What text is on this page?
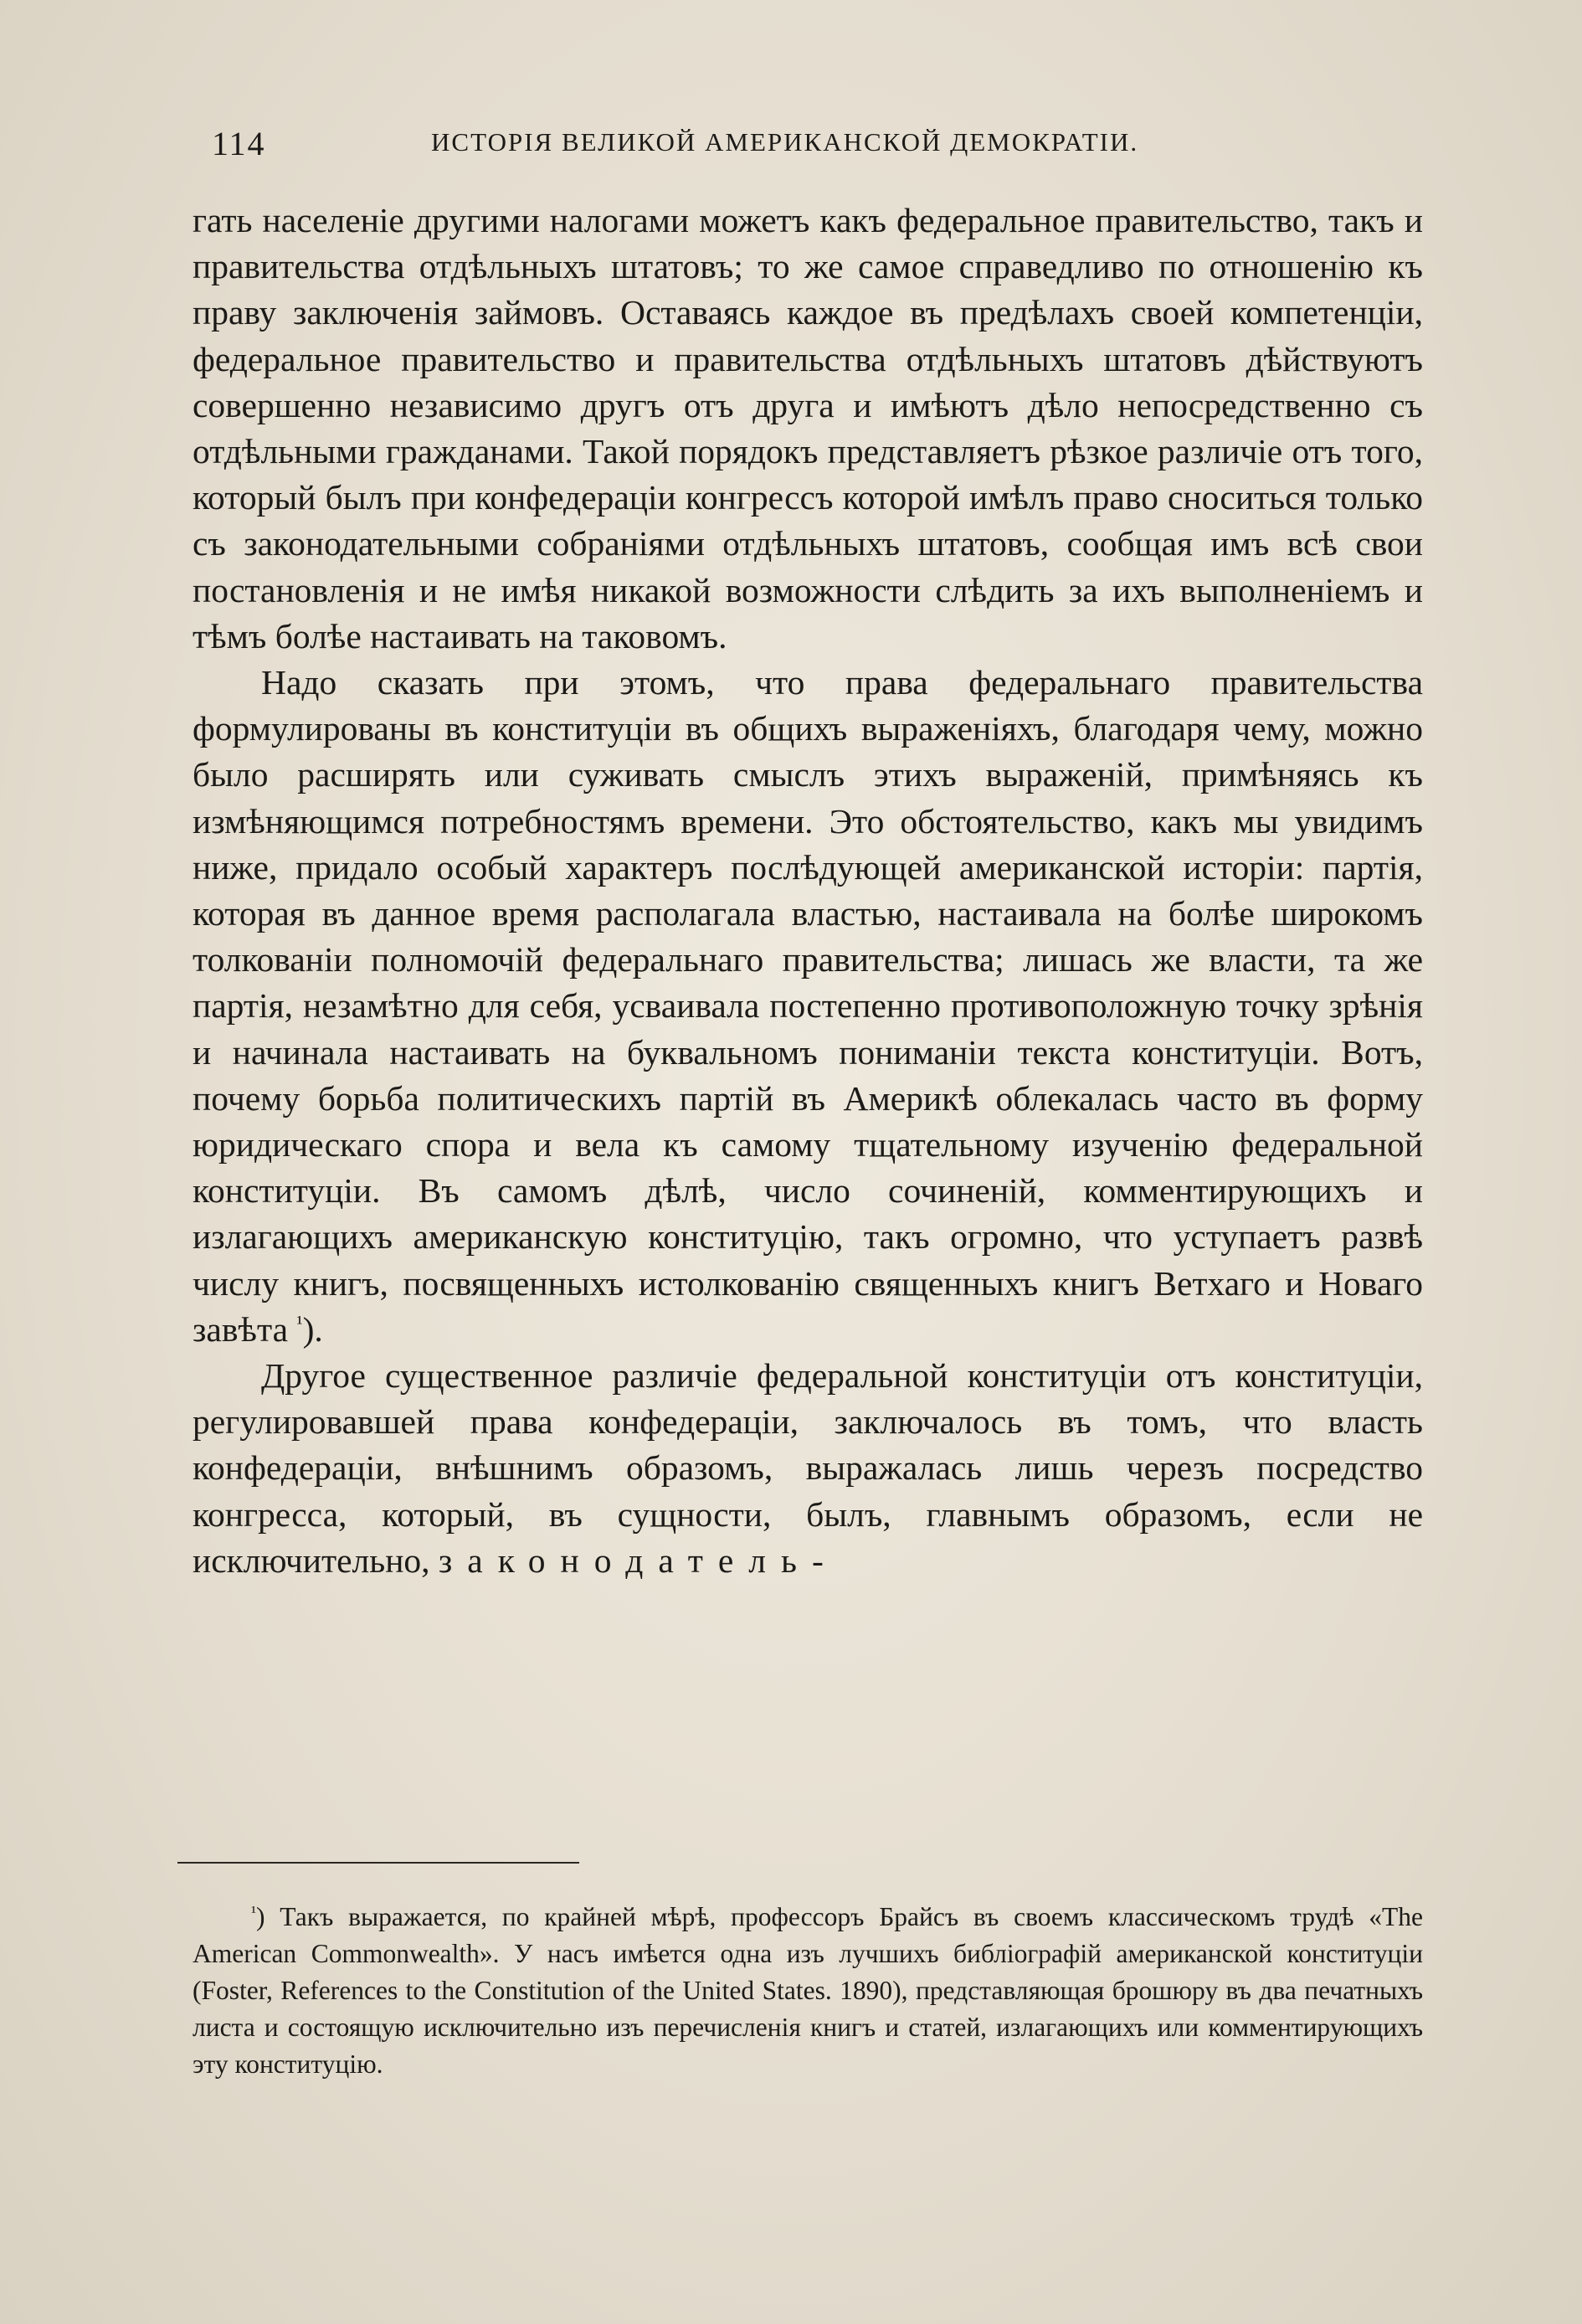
114	ИСТОРІЯ ВЕЛИКОЙ АМЕРИКАНСКОЙ ДЕМОКРАТІИ.

гать населеніе другими налогами можетъ какъ федеральное правительство, такъ и правительства отдѣльныхъ штатовъ; то же самое справедливо по отношенію къ праву заключенія займовъ. Оставаясь каждое въ предѣлахъ своей компетенціи, федеральное правительство и правительства отдѣльныхъ штатовъ дѣйствуютъ совершенно независимо другъ отъ друга и имѣютъ дѣло непосредственно съ отдѣльными гражданами. Такой порядокъ представляетъ рѣзкое различіе отъ того, который былъ при конфедераціи конгрессъ которой имѣлъ право сноситься только съ законодательными собраніями отдѣльныхъ штатовъ, сообщая имъ всѣ свои постановленія и не имѣя никакой возможности слѣдить за ихъ выполненіемъ и тѣмъ болѣе настаивать на таковомъ.

Надо сказать при этомъ, что права федеральнаго правительства формулированы въ конституціи въ общихъ выраженіяхъ, благодаря чему, можно было расширять или суживать смыслъ этихъ выраженій, примѣняясь къ измѣняющимся потребностямъ времени. Это обстоятельство, какъ мы увидимъ ниже, придало особый характеръ послѣдующей американской исторіи: партія, которая въ данное время располагала властью, настаивала на болѣе широкомъ толкованіи полномочій федеральнаго правительства; лишась же власти, та же партія, незамѣтно для себя, усваивала постепенно противоположную точку зрѣнія и начинала настаивать на буквальномъ пониманіи текста конституціи. Вотъ, почему борьба политическихъ партій въ Америкѣ облекалась часто въ форму юридическаго спора и вела къ самому тщательному изученію федеральной конституціи. Въ самомъ дѣлѣ, число сочиненій, комментирующихъ и излагающихъ американскую конституцію, такъ огромно, что уступаетъ развѣ числу книгъ, посвященныхъ истолкованію священныхъ книгъ Ветхаго и Новаго завѣта $^{^1}$).

Другое существенное различіе федеральной конституціи отъ конституціи, регулировавшей права конфедераціи, заключалось въ томъ, что власть конфедераціи, внѣшнимъ образомъ, выражалась лишь черезъ посредство конгресса, который, въ сущности, былъ, главнымъ образомъ, если не исключительно, законодатель-

$^{^1}$) Такъ выражается, по крайней мѣрѣ, профессоръ Брайсъ въ своемъ классическомъ трудѣ «The American Commonwealth». У насъ имѣется одна изъ лучшихъ библіографій американской конституціи (Foster, References to the Constitution of the United States. 1890), представляющая брошюру въ два печатныхъ листа и состоящую исключительно изъ перечисленія книгъ и статей, излагающихъ или комментирующихъ эту конституцію.
